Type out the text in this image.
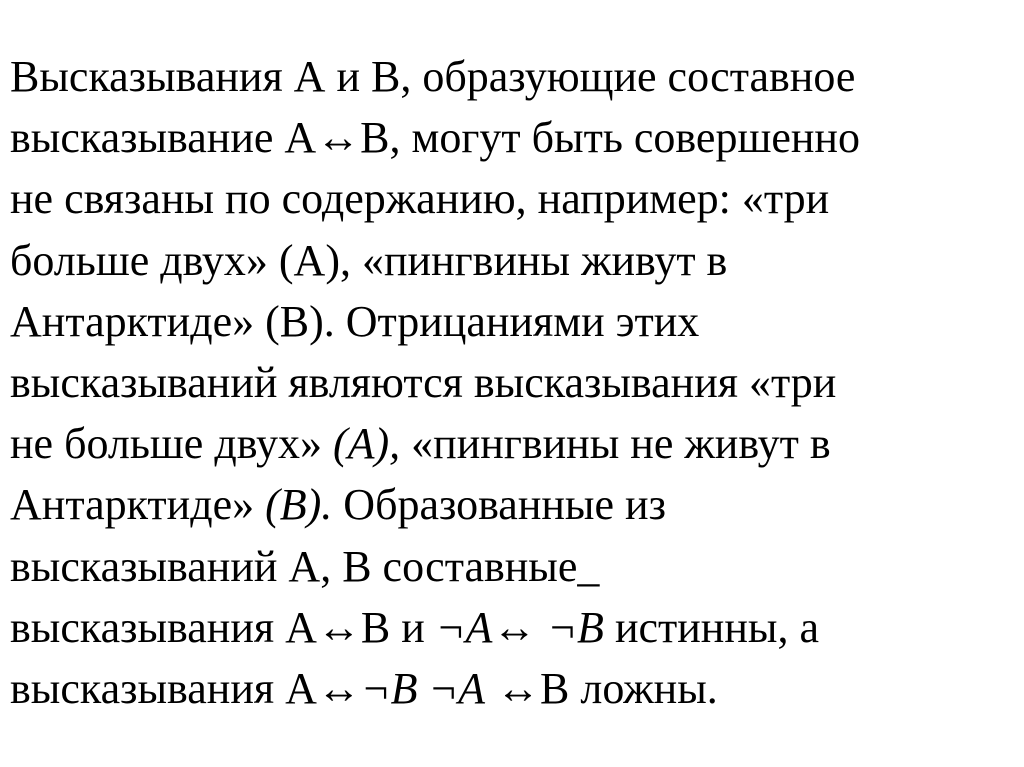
Высказывания А и В, образующие составное
высказывание А↔В, могут быть совершенно
не связаны по содержанию, например: «три
больше двух» (А), «пингвины живут в
Антарктиде» (В). Отрицаниями этих
высказываний являются высказывания «три
не больше двух» (A), «пингвины не живут в
Антарктиде» (B). Образованные из
высказываний А, В составные_
высказывания А↔В и ¬A↔ ¬B истинны, а
высказывания А↔¬B ¬A ↔В ложны.
